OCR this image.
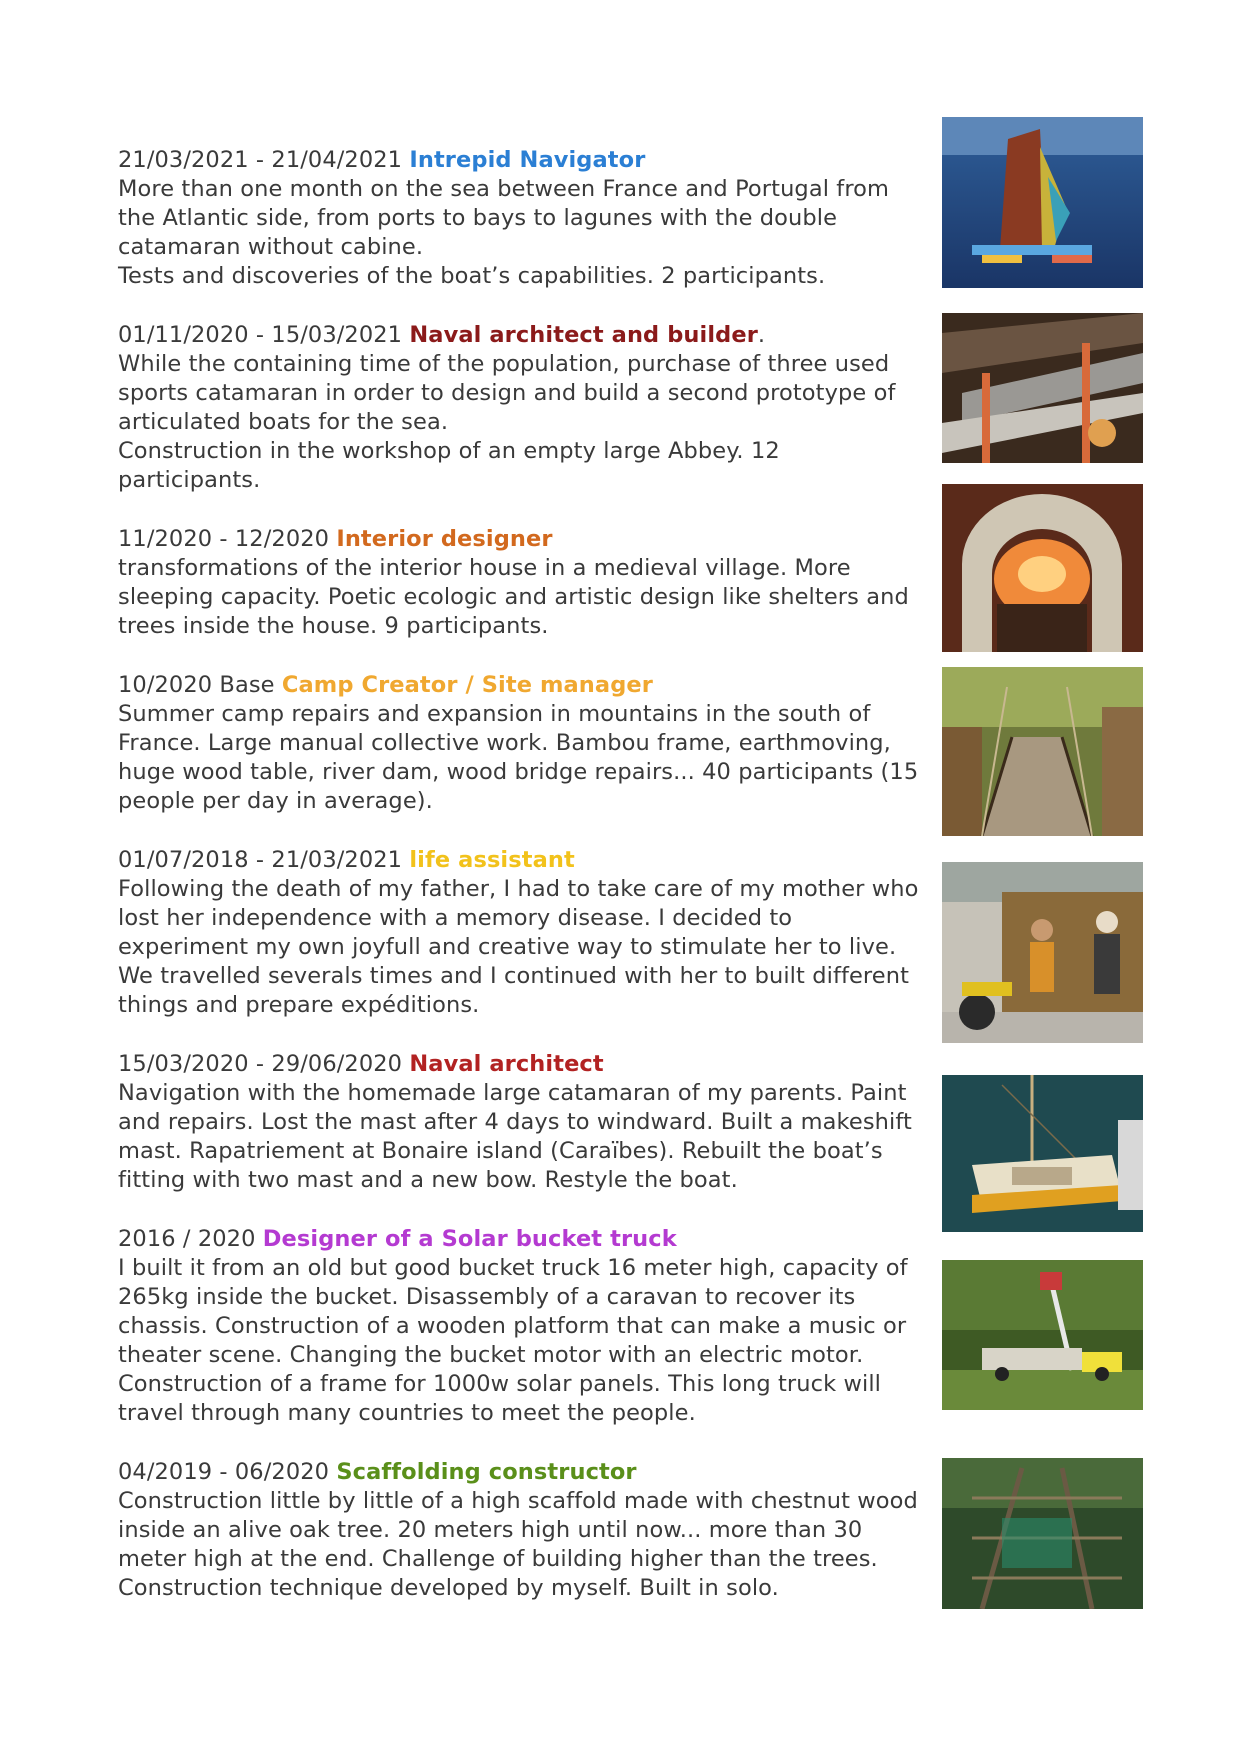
21/03/2021 - 21/04/2021 Intrepid Navigator

More than one month on the sea between France and Portugal from the Atlantic side, from ports to bays to lagunes with the double catamaran without cabine.

Tests and discoveries of the boat’s capabilities. 2 participants.

01/11/2020 - 15/03/2021 Naval architect and builder.

While the containing time of the population, purchase of three used sports catamaran in order to design and build a second prototype of articulated boats for the sea.

Construction in the workshop of an empty large Abbey. 12 participants.

11/2020 - 12/2020 Interior designer

transformations of the interior house in a medieval village. More sleeping capacity. Poetic ecologic and artistic design like shelters and trees inside the house. 9 participants.

10/2020 Base Camp Creator / Site manager

Summer camp repairs and expansion in mountains in the south of France. Large manual collective work. Bambou frame, earthmoving, huge wood table, river dam, wood bridge repairs... 40 participants (15 people per day in average).

01/07/2018 - 21/03/2021 life assistant

Following the death of my father, I had to take care of my mother who lost her independence with a memory disease. I decided to experiment my own joyfull and creative way to stimulate her to live. We travelled severals times and I continued with her to built different things and prepare expéditions.

15/03/2020 - 29/06/2020 Naval architect

Navigation with the homemade large catamaran of my parents. Paint and repairs. Lost the mast after 4 days to windward. Built a makeshift mast. Rapatriement at Bonaire island (Caraïbes). Rebuilt the boat’s fitting with two mast and a new bow. Restyle the boat.

2016 / 2020 Designer of a Solar bucket truck

I built it from an old but good bucket truck 16 meter high, capacity of 265kg inside the bucket. Disassembly of a caravan to recover its chassis. Construction of a wooden platform that can make a music or theater scene. Changing the bucket motor with an electric motor. Construction of a frame for 1000w solar panels. This long truck will travel through many countries to meet the people.

04/2019 - 06/2020 Scaffolding constructor

Construction little by little of a high scaffold made with chestnut wood inside an alive oak tree. 20 meters high until now... more than 30 meter high at the end. Challenge of building higher than the trees. Construction technique developed by myself. Built in solo.
